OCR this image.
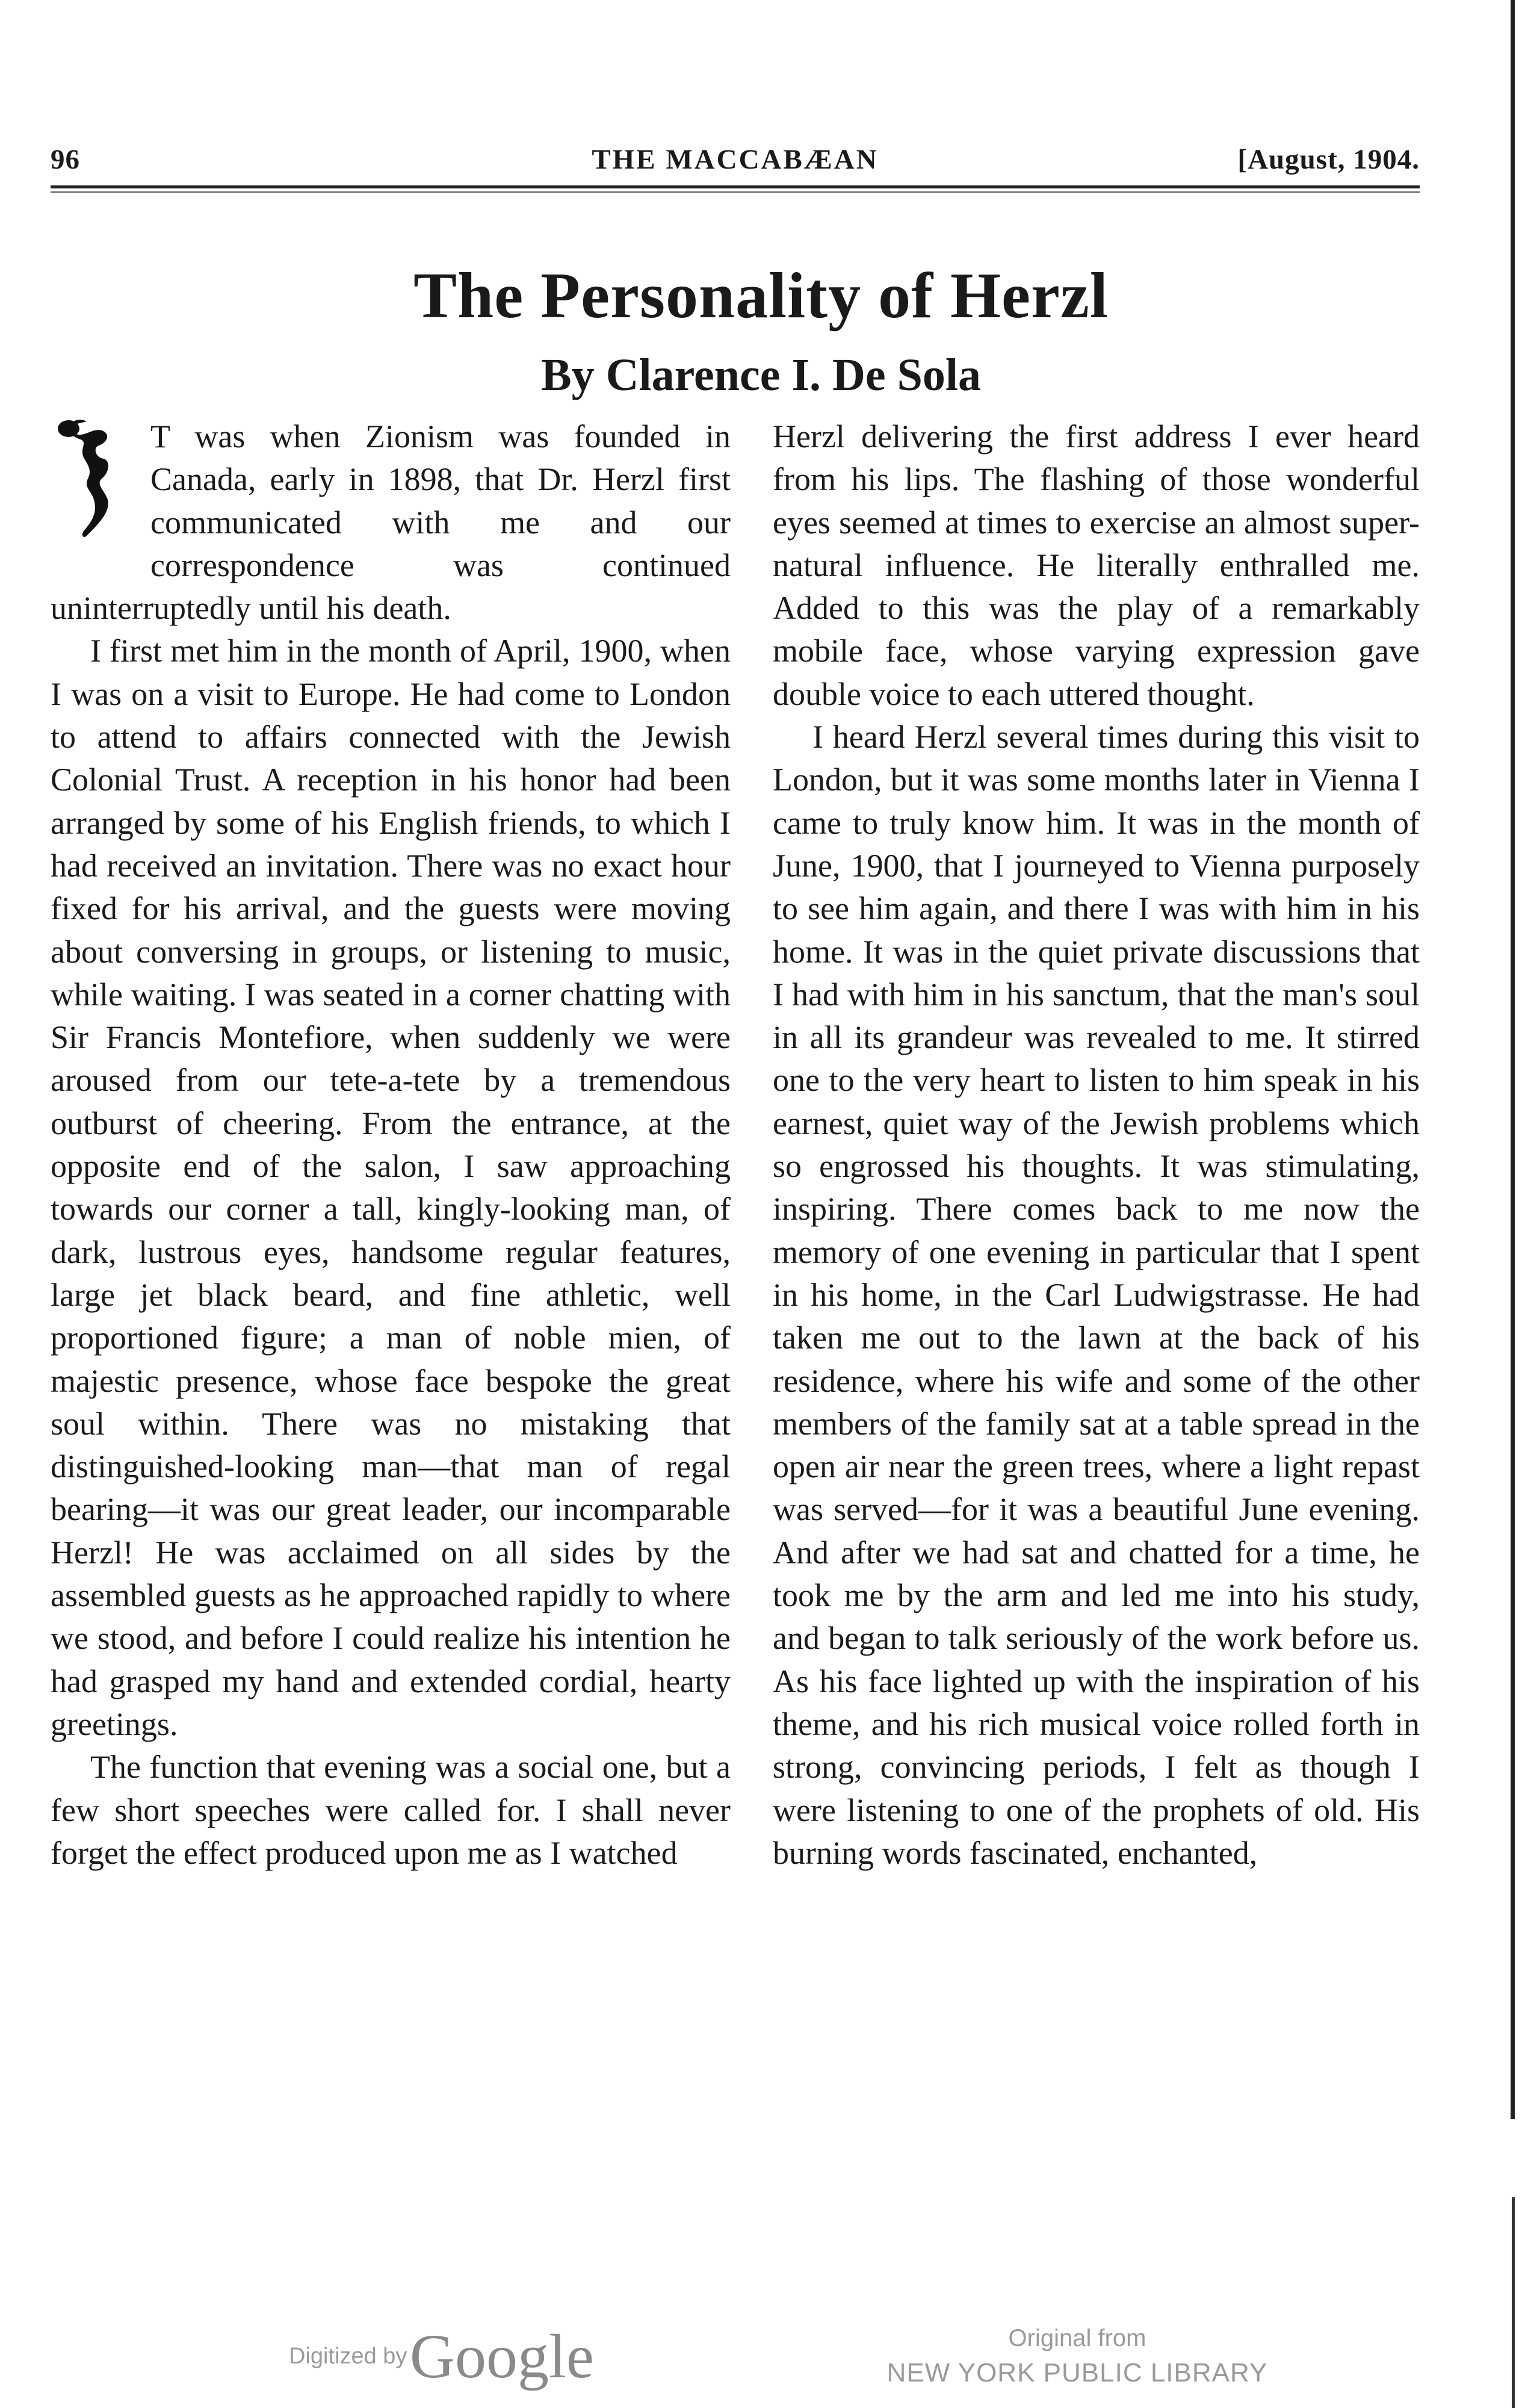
96	THE MACCABÆAN	[August, 1904.
The Personality of Herzl
By Clarence I. De Sola

T was when Zionism was founded in Canada, early in 1898, that Dr. Herzl first communicated with me and our correspondence was continued uninterruptedly until his death.

I first met him in the month of April, 1900, when I was on a visit to Europe. He had come to London to attend to affairs connected with the Jewish Colonial Trust. A reception in his honor had been arranged by some of his English friends, to which I had received an invitation. There was no exact hour fixed for his arrival, and the guests were moving about conversing in groups, or listening to music, while waiting. I was seated in a corner chatting with Sir Francis Montefiore, when suddenly we were aroused from our tete-a-tete by a tremendous outburst of cheering. From the entrance, at the opposite end of the salon, I saw approaching towards our corner a tall, kingly-looking man, of dark, lustrous eyes, handsome regular features, large jet black beard, and fine athletic, well proportioned figure; a man of noble mien, of majestic presence, whose face bespoke the great soul within. There was no mistaking that distinguished-looking man—that man of regal bearing—it was our great leader, our incomparable Herzl! He was acclaimed on all sides by the assembled guests as he approached rapidly to where we stood, and before I could realize his intention he had grasped my hand and extended cordial, hearty greetings.

The function that evening was a social one, but a few short speeches were called for. I shall never forget the effect produced upon me as I watched

Herzl delivering the first address I ever heard from his lips. The flashing of those wonderful eyes seemed at times to exercise an almost super-natural influence. He literally enthralled me. Added to this was the play of a remarkably mobile face, whose varying expression gave double voice to each uttered thought.

I heard Herzl several times during this visit to London, but it was some months later in Vienna I came to truly know him. It was in the month of June, 1900, that I journeyed to Vienna purposely to see him again, and there I was with him in his home. It was in the quiet private discussions that I had with him in his sanctum, that the man's soul in all its grandeur was revealed to me. It stirred one to the very heart to listen to him speak in his earnest, quiet way of the Jewish problems which so engrossed his thoughts. It was stimulating, inspiring. There comes back to me now the memory of one evening in particular that I spent in his home, in the Carl Ludwigstrasse. He had taken me out to the lawn at the back of his residence, where his wife and some of the other members of the family sat at a table spread in the open air near the green trees, where a light repast was served—for it was a beautiful June evening. And after we had sat and chatted for a time, he took me by the arm and led me into his study, and began to talk seriously of the work before us. As his face lighted up with the inspiration of his theme, and his rich musical voice rolled forth in strong, convincing periods, I felt as though I were listening to one of the prophets of old. His burning words fascinated, enchanted,

Digitized by Google	Original from
NEW YORK PUBLIC LIBRARY
